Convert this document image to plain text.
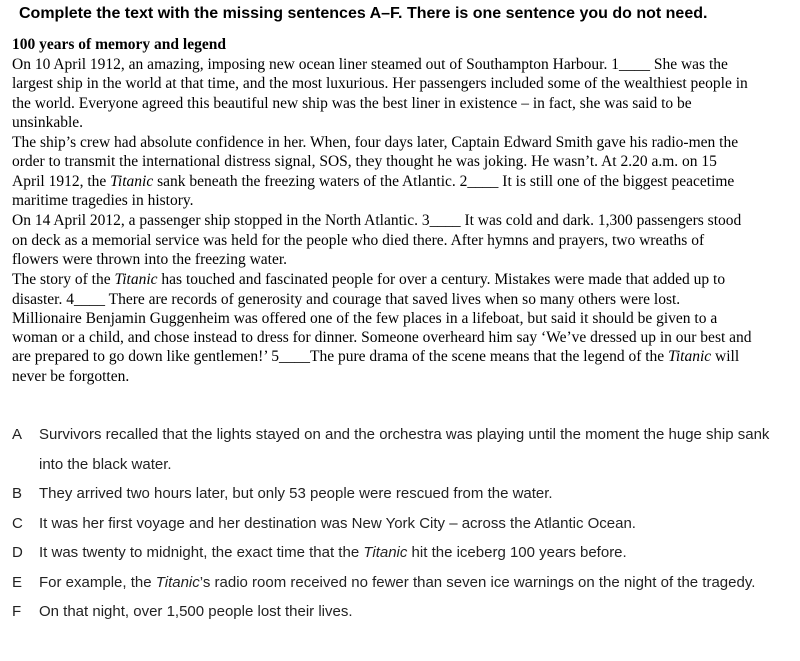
Complete the text with the missing sentences A–F. There is one sentence you do not need.
100 years of memory and legend

On 10 April 1912, an amazing, imposing new ocean liner steamed out of Southampton Harbour. 1____ She was the largest ship in the world at that time, and the most luxurious. Her passengers included some of the wealthiest people in the world. Everyone agreed this beautiful new ship was the best liner in existence – in fact, she was said to be unsinkable.

The ship’s crew had absolute confidence in her. When, four days later, Captain Edward Smith gave his radio-men the order to transmit the international distress signal, SOS, they thought he was joking. He wasn’t. At 2.20 a.m. on 15 April 1912, the Titanic sank beneath the freezing waters of the Atlantic. 2____ It is still one of the biggest peacetime maritime tragedies in history.

On 14 April 2012, a passenger ship stopped in the North Atlantic. 3____ It was cold and dark. 1,300 passengers stood on deck as a memorial service was held for the people who died there. After hymns and prayers, two wreaths of flowers were thrown into the freezing water.

The story of the Titanic has touched and fascinated people for over a century. Mistakes were made that added up to disaster. 4____ There are records of generosity and courage that saved lives when so many others were lost. Millionaire Benjamin Guggenheim was offered one of the few places in a lifeboat, but said it should be given to a woman or a child, and chose instead to dress for dinner. Someone overheard him say ‘We’ve dressed up in our best and are prepared to go down like gentlemen!’ 5____The pure drama of the scene means that the legend of the Titanic will never be forgotten.

A	Survivors recalled that the lights stayed on and the orchestra was playing until the moment the huge ship sank into the black water.
B	They arrived two hours later, but only 53 people were rescued from the water.
C	It was her first voyage and her destination was New York City – across the Atlantic Ocean.
D	It was twenty to midnight, the exact time that the Titanic hit the iceberg 100 years before.
E	For example, the Titanic’s radio room received no fewer than seven ice warnings on the night of the tragedy.
F	On that night, over 1,500 people lost their lives.
